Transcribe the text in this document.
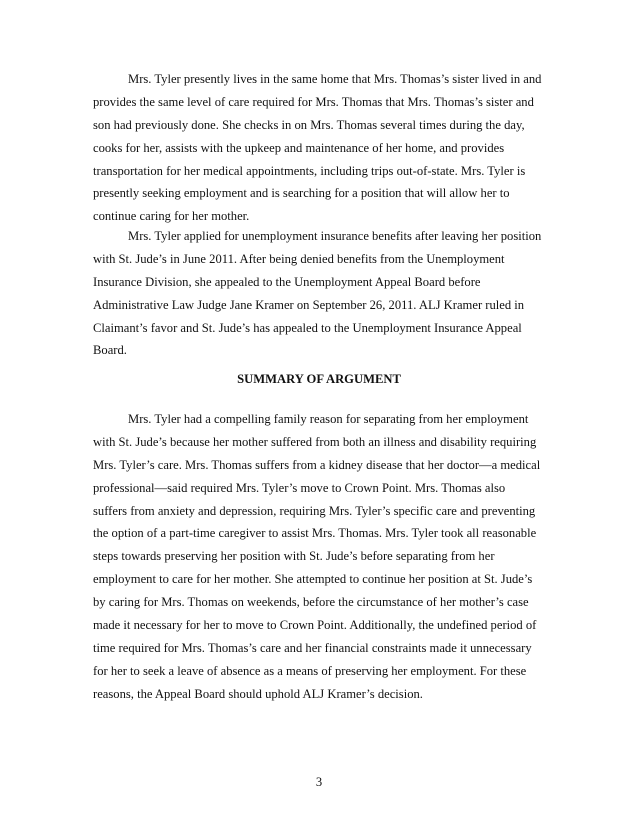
Mrs. Tyler presently lives in the same home that Mrs. Thomas’s sister lived in and
provides the same level of care required for Mrs. Thomas that Mrs. Thomas’s sister and
son had previously done. She checks in on Mrs. Thomas several times during the day,
cooks for her, assists with the upkeep and maintenance of her home, and provides
transportation for her medical appointments, including trips out-of-state. Mrs. Tyler is
presently seeking employment and is searching for a position that will allow her to
continue caring for her mother.
Mrs. Tyler applied for unemployment insurance benefits after leaving her position
with St. Jude’s in June 2011. After being denied benefits from the Unemployment
Insurance Division, she appealed to the Unemployment Appeal Board before
Administrative Law Judge Jane Kramer on September 26, 2011. ALJ Kramer ruled in
Claimant’s favor and St. Jude’s has appealed to the Unemployment Insurance Appeal
Board.
SUMMARY OF ARGUMENT
Mrs. Tyler had a compelling family reason for separating from her employment
with St. Jude’s because her mother suffered from both an illness and disability requiring
Mrs. Tyler’s care. Mrs. Thomas suffers from a kidney disease that her doctor―a medical
professional―said required Mrs. Tyler’s move to Crown Point. Mrs. Thomas also
suffers from anxiety and depression, requiring Mrs. Tyler’s specific care and preventing
the option of a part-time caregiver to assist Mrs. Thomas. Mrs. Tyler took all reasonable
steps towards preserving her position with St. Jude’s before separating from her
employment to care for her mother. She attempted to continue her position at St. Jude’s
by caring for Mrs. Thomas on weekends, before the circumstance of her mother’s case
made it necessary for her to move to Crown Point. Additionally, the undefined period of
time required for Mrs. Thomas’s care and her financial constraints made it unnecessary
for her to seek a leave of absence as a means of preserving her employment. For these
reasons, the Appeal Board should uphold ALJ Kramer’s decision.
3
